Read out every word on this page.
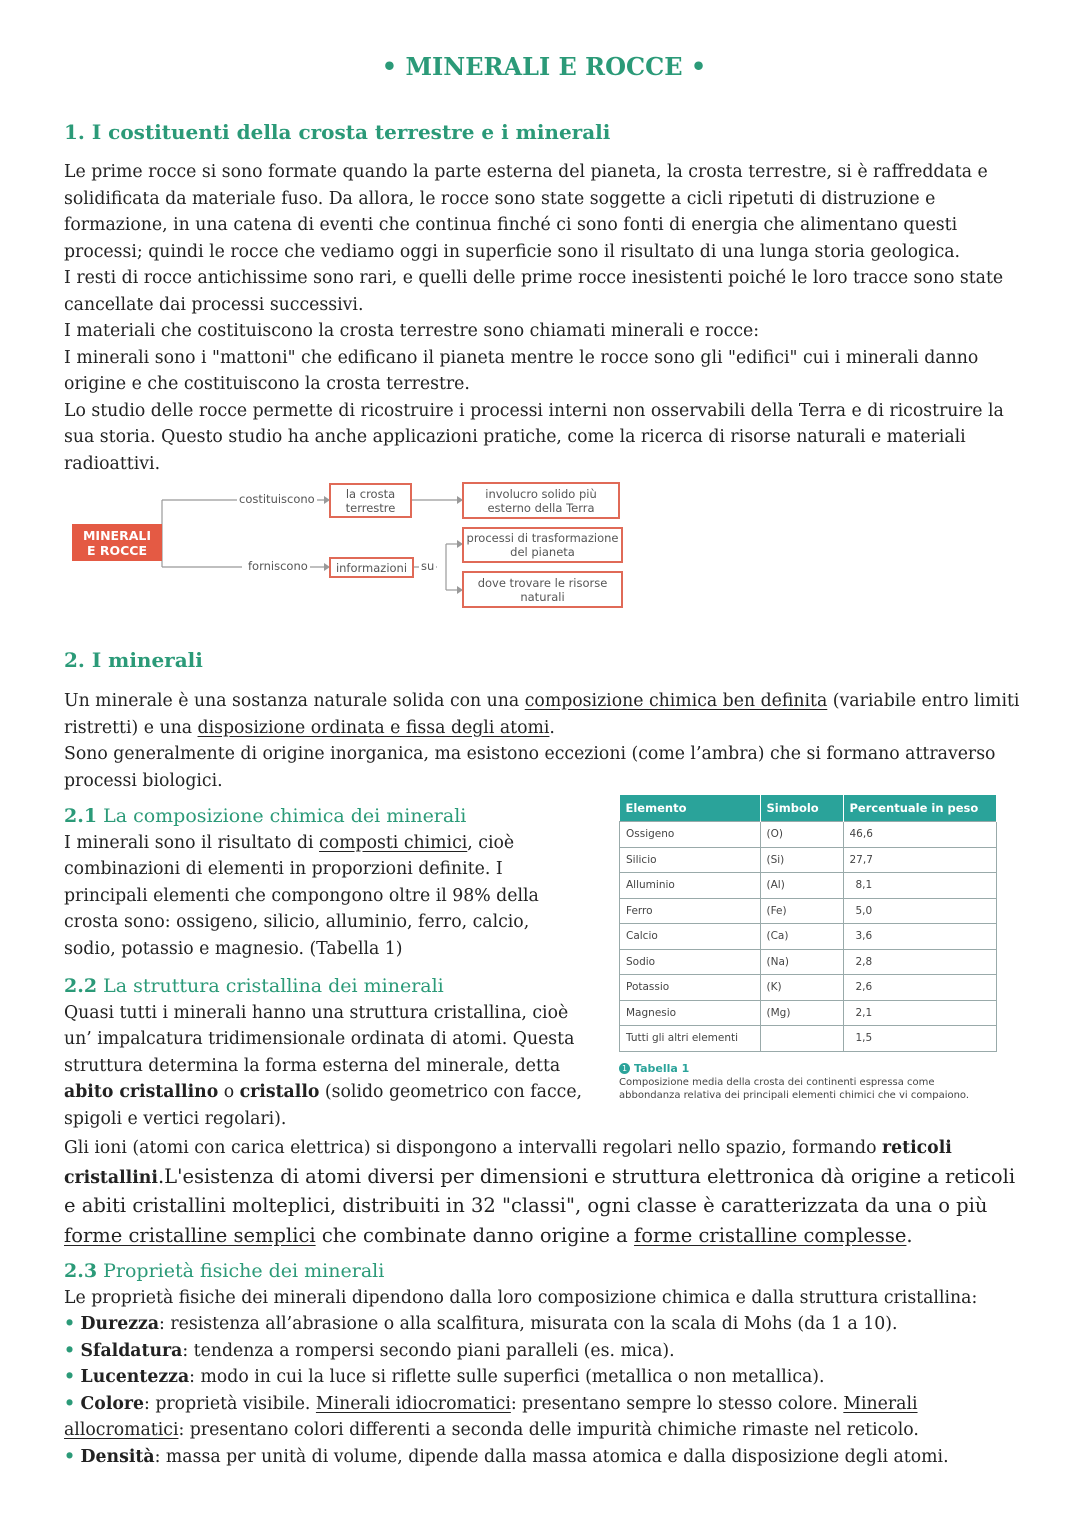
• MINERALI E ROCCE •
1. I costituenti della crosta terrestre e i minerali

Le prime rocce si sono formate quando la parte esterna del pianeta, la crosta terrestre, si è raffreddata e solidificata da materiale fuso. Da allora, le rocce sono state soggette a cicli ripetuti di distruzione e formazione, in una catena di eventi che continua finché ci sono fonti di energia che alimentano questi processi; quindi le rocce che vediamo oggi in superficie sono il risultato di una lunga storia geologica.

I resti di rocce antichissime sono rari, e quelli delle prime rocce inesistenti poiché le loro tracce sono state cancellate dai processi successivi.

I materiali che costituiscono la crosta terrestre sono chiamati minerali e rocce:

I minerali sono i "mattoni" che edificano il pianeta mentre le rocce sono gli "edifici" cui i minerali danno origine e che costituiscono la crosta terrestre.

Lo studio delle rocce permette di ricostruire i processi interni non osservabili della Terra e di ricostruire la sua storia. Questo studio ha anche applicazioni pratiche, come la ricerca di risorse naturali e materiali radioattivi.

MINERALI
E ROCCE
costituiscono
forniscono	su
la crosta
terrestre
involucro solido più
esterno della Terra
informazioni
processi di trasformazione
del pianeta
dove trovare le risorse
naturali
2. I minerali

Un minerale è una sostanza naturale solida con una composizione chimica ben definita (variabile entro limiti ristretti) e una disposizione ordinata e fissa degli atomi.

Sono generalmente di origine inorganica, ma esistono eccezioni (come l’ambra) che si formano attraverso processi biologici.

2.1 La composizione chimica dei minerali

I minerali sono il risultato di composti chimici, cioè combinazioni di elementi in proporzioni definite. I principali elementi che compongono oltre il 98% della crosta sono: ossigeno, silicio, alluminio, ferro, calcio, sodio, potassio e magnesio. (Tabella 1)

2.2 La struttura cristallina dei minerali

Quasi tutti i minerali hanno una struttura cristallina, cioè un’ impalcatura tridimensionale ordinata di atomi. Questa struttura determina la forma esterna del minerale, detta abito cristallino o cristallo (solido geometrico con facce, spigoli e vertici regolari).

Gli ioni (atomi con carica elettrica) si dispongono a intervalli regolari nello spazio, formando reticoli cristallini.L'esistenza di atomi diversi per dimensioni e struttura elettronica dà origine a reticoli e abiti cristallini molteplici, distribuiti in 32 "classi", ogni classe è caratterizzata da una o più forme cristalline semplici che combinate danno origine a forme cristalline complesse.

2.3 Proprietà fisiche dei minerali

Le proprietà fisiche dei minerali dipendono dalla loro composizione chimica e dalla struttura cristallina:

• Durezza: resistenza all’abrasione o alla scalfitura, misurata con la scala di Mohs (da 1 a 10).

• Sfaldatura: tendenza a rompersi secondo piani paralleli (es. mica).

• Lucentezza: modo in cui la luce si riflette sulle superfici (metallica o non metallica).

• Colore: proprietà visibile. Minerali idiocromatici: presentano sempre lo stesso colore. Minerali allocromatici: presentano colori differenti a seconda delle impurità chimiche rimaste nel reticolo.

• Densità: massa per unità di volume, dipende dalla massa atomica e dalla disposizione degli atomi.

Elemento	Simbolo	Percentuale in peso
Ossigeno	(O)	46,6
Silicio	(Si)	27,7
Alluminio	(Al)	8,1
Ferro	(Fe)	5,0
Calcio	(Ca)	3,6
Sodio	(Na)	2,8
Potassio	(K)	2,6
Magnesio	(Mg)	2,1
Tutti gli altri elementi		1,5
1 Tabella 1
Composizione media della crosta dei continenti espressa come abbondanza relativa dei principali elementi chimici che vi compaiono.
